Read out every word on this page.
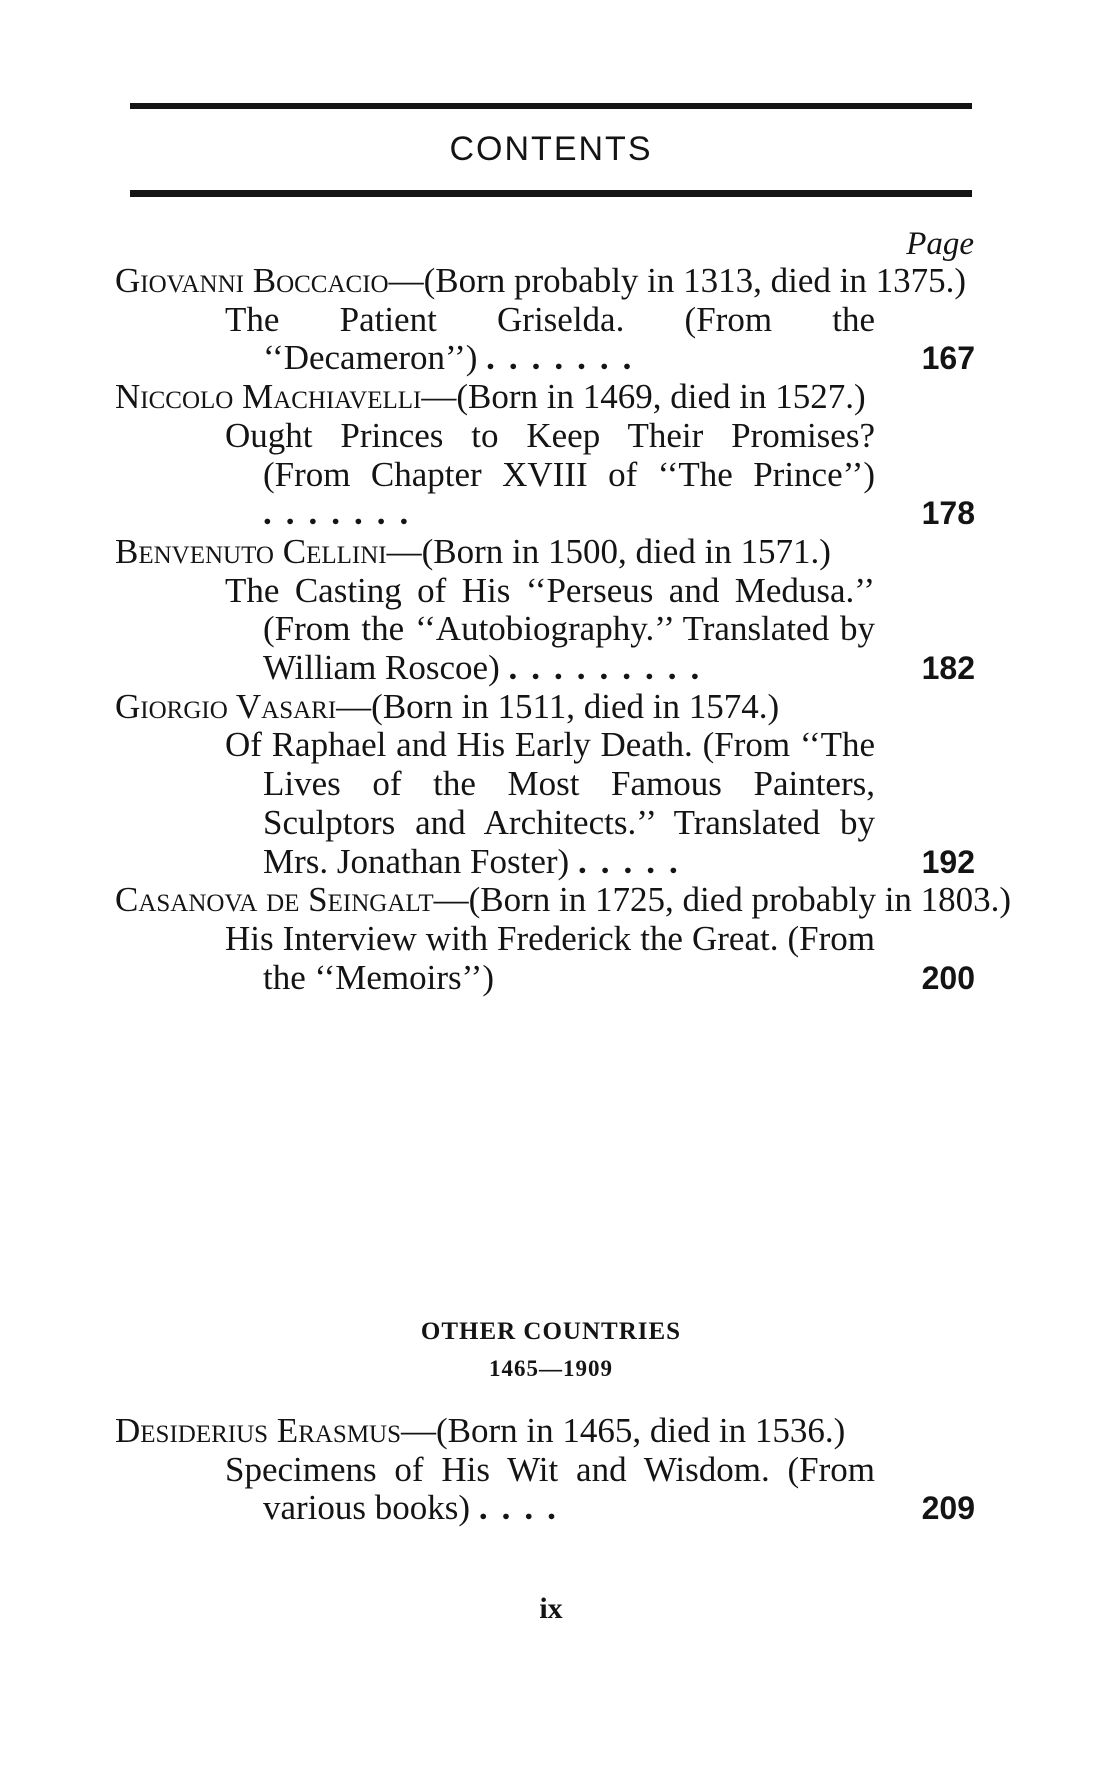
CONTENTS
Page
Giovanni Boccacio—(Born probably in 1313, died in 1375.)
The Patient Griselda. (From the ‘‘Decameron’’) .......	167
Niccolo Machiavelli—(Born in 1469, died in 1527.)
Ought Princes to Keep Their Promises? (From Chapter XVIII of ‘‘The Prince’’) .......	178
Benvenuto Cellini—(Born in 1500, died in 1571.)
The Casting of His ‘‘Perseus and Medusa.’’ (From the ‘‘Autobiography.’’ Translated by William Roscoe) .........	182
Giorgio Vasari—(Born in 1511, died in 1574.)
Of Raphael and His Early Death. (From ‘‘The Lives of the Most Famous Painters, Sculptors and Architects.’’ Translated by Mrs. Jonathan Foster) .....	192
Casanova de Seingalt—(Born in 1725, died probably in 1803.)
His Interview with Frederick the Great. (From the ‘‘Memoirs’’)	200
OTHER COUNTRIES
1465—1909
Desiderius Erasmus—(Born in 1465, died in 1536.)
Specimens of His Wit and Wisdom. (From various books) ....	209
ix
